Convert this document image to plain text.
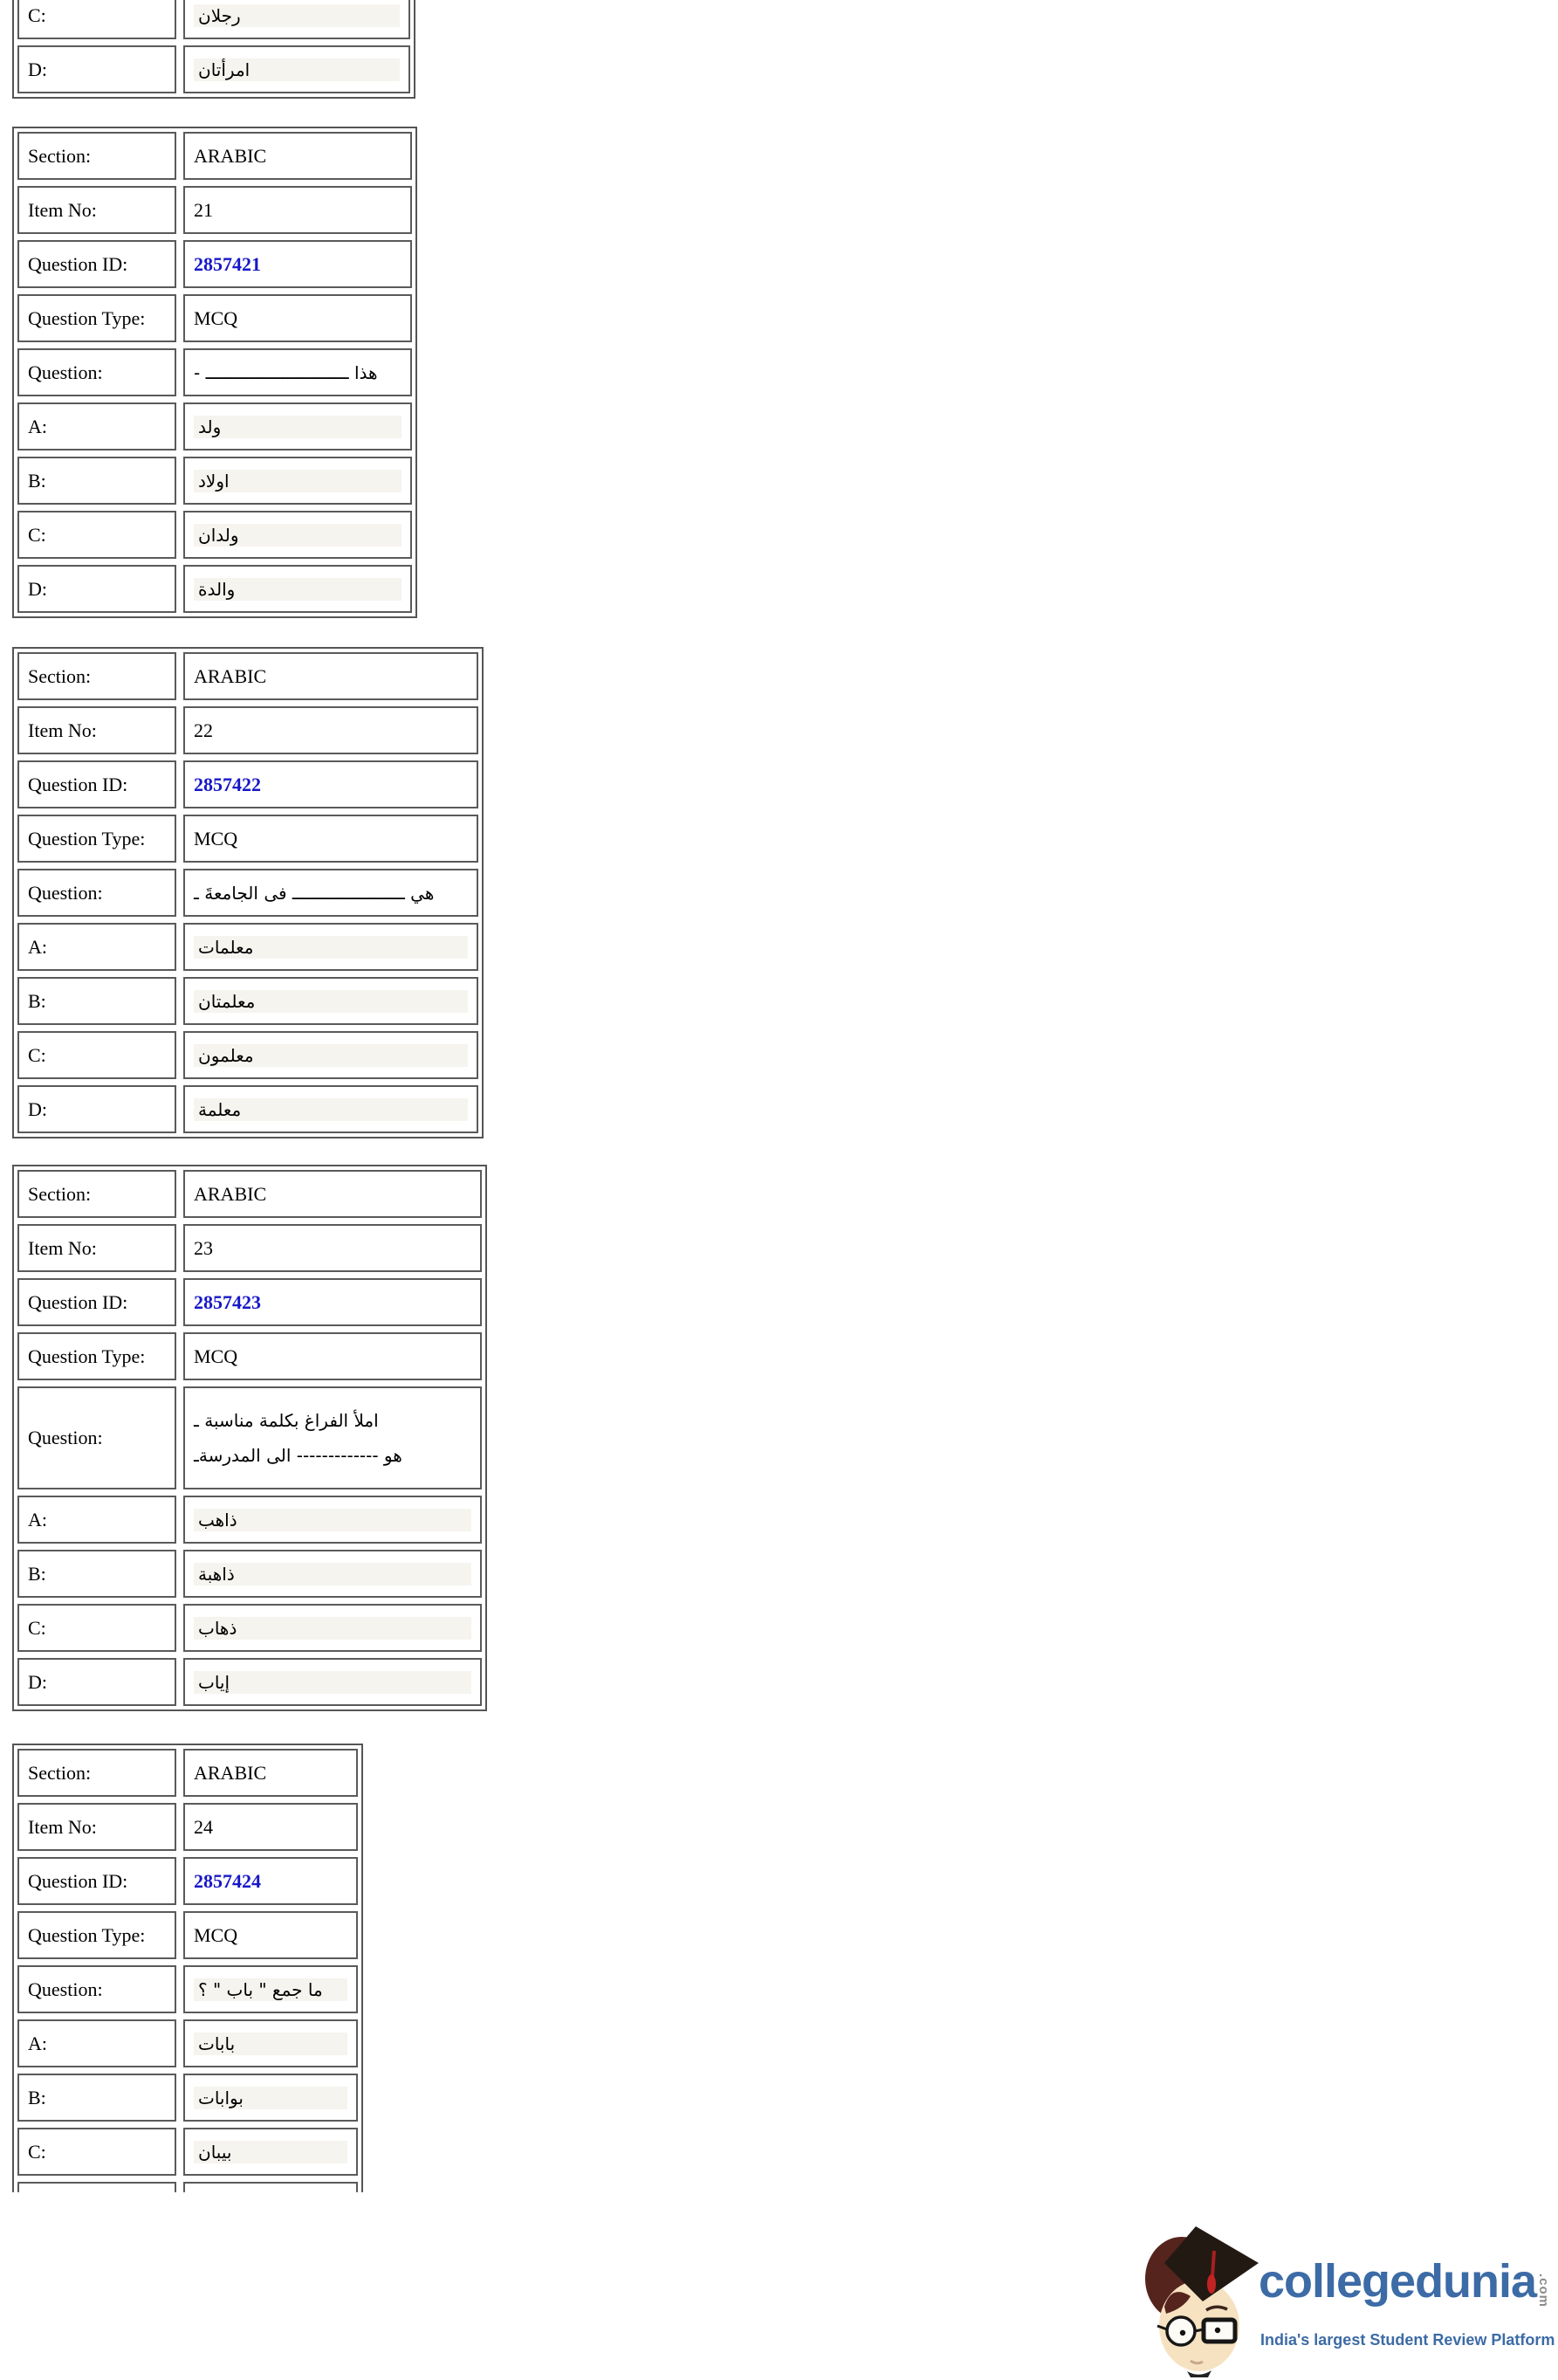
C:	رجلان
D:	امرأتان
Section:	ARABIC
Item No:	21
Question ID:	2857421
Question Type:	MCQ
Question:	هذا ــــــــــــــــــــــــــــ -
A:	ولد
B:	اولاد
C:	ولدان
D:	والدة
Section:	ARABIC
Item No:	22
Question ID:	2857422
Question Type:	MCQ
Question:	هي ــــــــــــــــــــــ فى الجامعةَ ـ
A:	معلمات
B:	معلمتان
C:	معلمون
D:	معلمة
Section:	ARABIC
Item No:	23
Question ID:	2857423
Question Type:	MCQ
Question:
املأ الفراغ بكلمة مناسبة ـ
هو ------------- الى المدرسةـ
A:	ذاهب
B:	ذاهبة
C:	ذهاب
D:	إياب
Section:	ARABIC
Item No:	24
Question ID:	2857424
Question Type:	MCQ
Question:	ما جمع " باب " ؟
A:	بابات
B:	بوابات
C:	بيبان
collegedunia .com
India's largest Student Review Platform
